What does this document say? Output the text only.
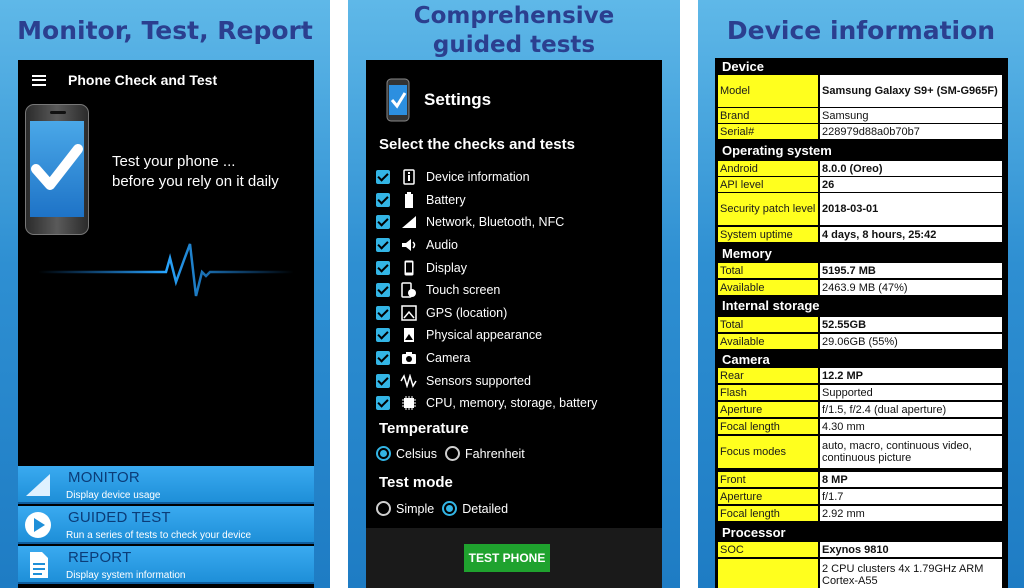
Monitor, Test, Report
Phone Check and Test
Test your phone ...
before you rely on it daily
MONITOR
Display device usage
GUIDED TEST
Run a series of tests to check your device
REPORT
Display system information
Comprehensive
guided tests
Settings
Select the checks and tests
Device information
Battery
Network, Bluetooth, NFC
Audio
Display
Touch screen
GPS (location)
Physical appearance
Camera
Sensors supported
CPU, memory, storage, battery
Temperature
Celsius Fahrenheit
Test mode
Simple Detailed
TEST PHONE
Device information
Device
Model	Samsung Galaxy S9+ (SM-G965F)
Brand	Samsung
Serial#	228979d88a0b70b7
Operating system
Android	8.0.0 (Oreo)
API level	26
Security patch level 2018-03-01
System uptime	4 days, 8 hours, 25:42
Memory
Total	5195.7 MB
Available	2463.9 MB (47%)
Internal storage
Total	52.55GB
Available	29.06GB (55%)
Camera
Rear	12.2 MP
Flash	Supported
Aperture	f/1.5, f/2.4 (dual aperture)
Focal length	4.30 mm
Focus modes	auto, macro, continuous video, continuous picture
Front	8 MP
Aperture	f/1.7
Focal length	2.92 mm
Processor
SOC	Exynos 9810
2 CPU clusters 4x 1.79GHz ARM Cortex-A55
